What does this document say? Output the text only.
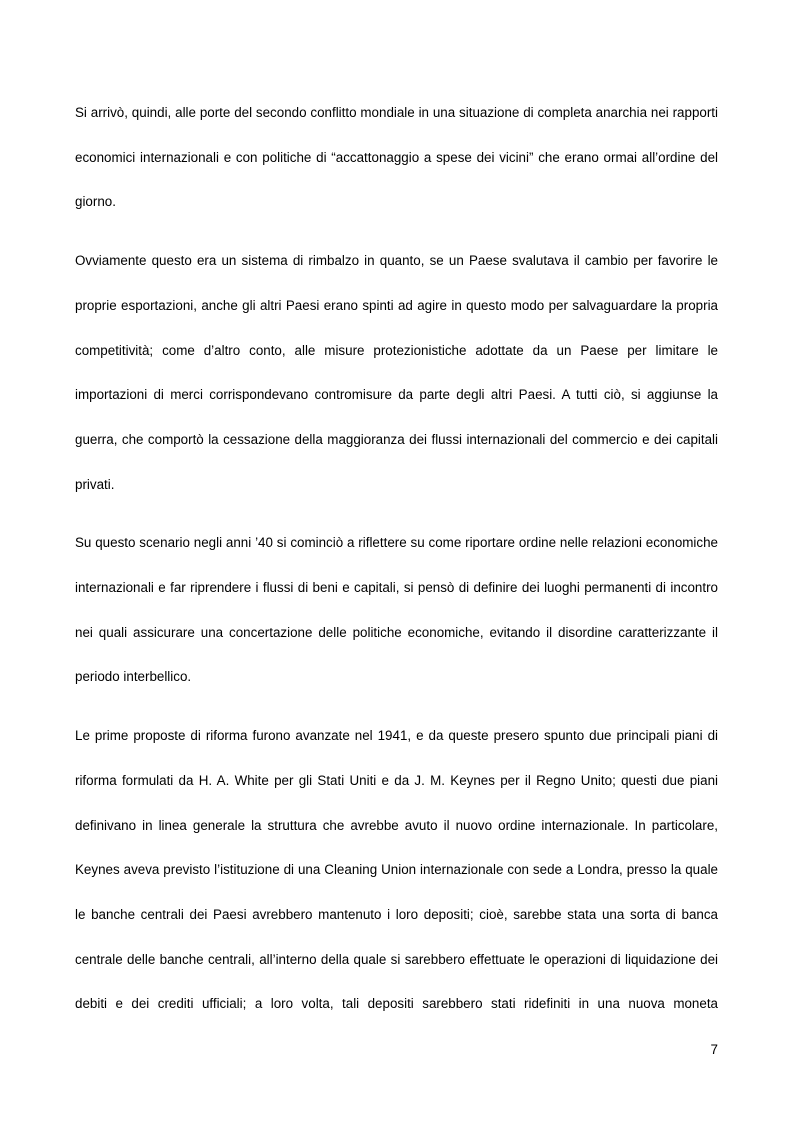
Si arrivò, quindi, alle porte del secondo conflitto mondiale in una situazione di completa anarchia nei rapporti economici internazionali e con politiche di “accattonaggio a spese dei vicini” che erano ormai all’ordine del giorno.

Ovviamente questo era un sistema di rimbalzo in quanto, se un Paese svalutava il cambio per favorire le proprie esportazioni, anche gli altri Paesi erano spinti ad agire in questo modo per salvaguardare la propria competitività; come d’altro conto, alle misure protezionistiche adottate da un Paese per limitare le importazioni di merci corrispondevano contromisure da parte degli altri Paesi. A tutti ciò, si aggiunse la guerra, che comportò la cessazione della maggioranza dei flussi internazionali del commercio e dei capitali privati.

Su questo scenario negli anni ’40 si cominciò a riflettere su come riportare ordine nelle relazioni economiche internazionali e far riprendere i flussi di beni e capitali, si pensò di definire dei luoghi permanenti di incontro nei quali assicurare una concertazione delle politiche economiche, evitando il disordine caratterizzante il periodo interbellico.

Le prime proposte di riforma furono avanzate nel 1941, e da queste presero spunto due principali piani di riforma formulati da H. A. White per gli Stati Uniti e da J. M. Keynes per il Regno Unito; questi due piani definivano in linea generale la struttura che avrebbe avuto il nuovo ordine internazionale. In particolare, Keynes aveva previsto l’istituzione di una Cleaning Union internazionale con sede a Londra, presso la quale le banche centrali dei Paesi avrebbero mantenuto i loro depositi; cioè, sarebbe stata una sorta di banca centrale delle banche centrali, all’interno della quale si sarebbero effettuate le operazioni di liquidazione dei debiti e dei crediti ufficiali; a loro volta, tali depositi sarebbero stati ridefiniti in una nuova moneta

7
